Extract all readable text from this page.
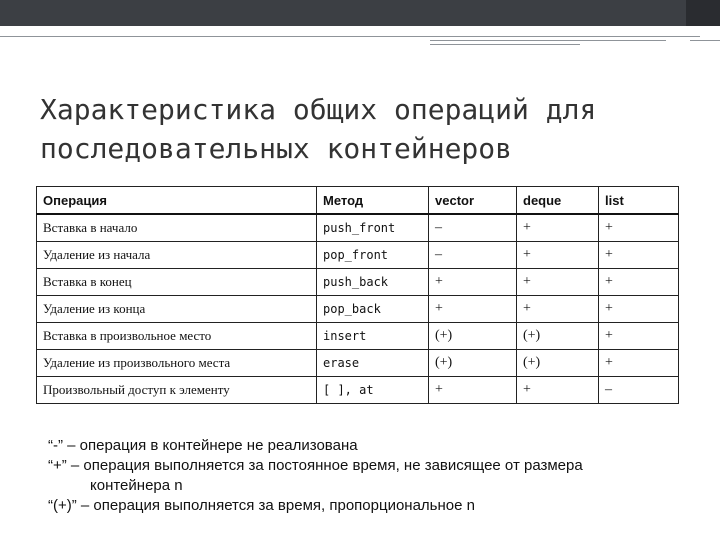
Характеристика общих операций для последовательных контейнеров
Операция	Метод	vector	deque	list
Вставка в начало	push_front	–	+	+
Удаление из начала	pop_front	–	+	+
Вставка в конец	push_back	+	+	+
Удаление из конца	pop_back	+	+	+
Вставка в произвольное место	insert	(+)	(+)	+
Удаление из произвольного места	erase	(+)	(+)	+
Произвольный доступ к элементу	[ ], at	+	+	–

“-” – операция в контейнере не реализована

“+” – операция выполняется за постоянное время, не зависящее от размера

контейнера n

“(+)” – операция выполняется за время, пропорциональное n
